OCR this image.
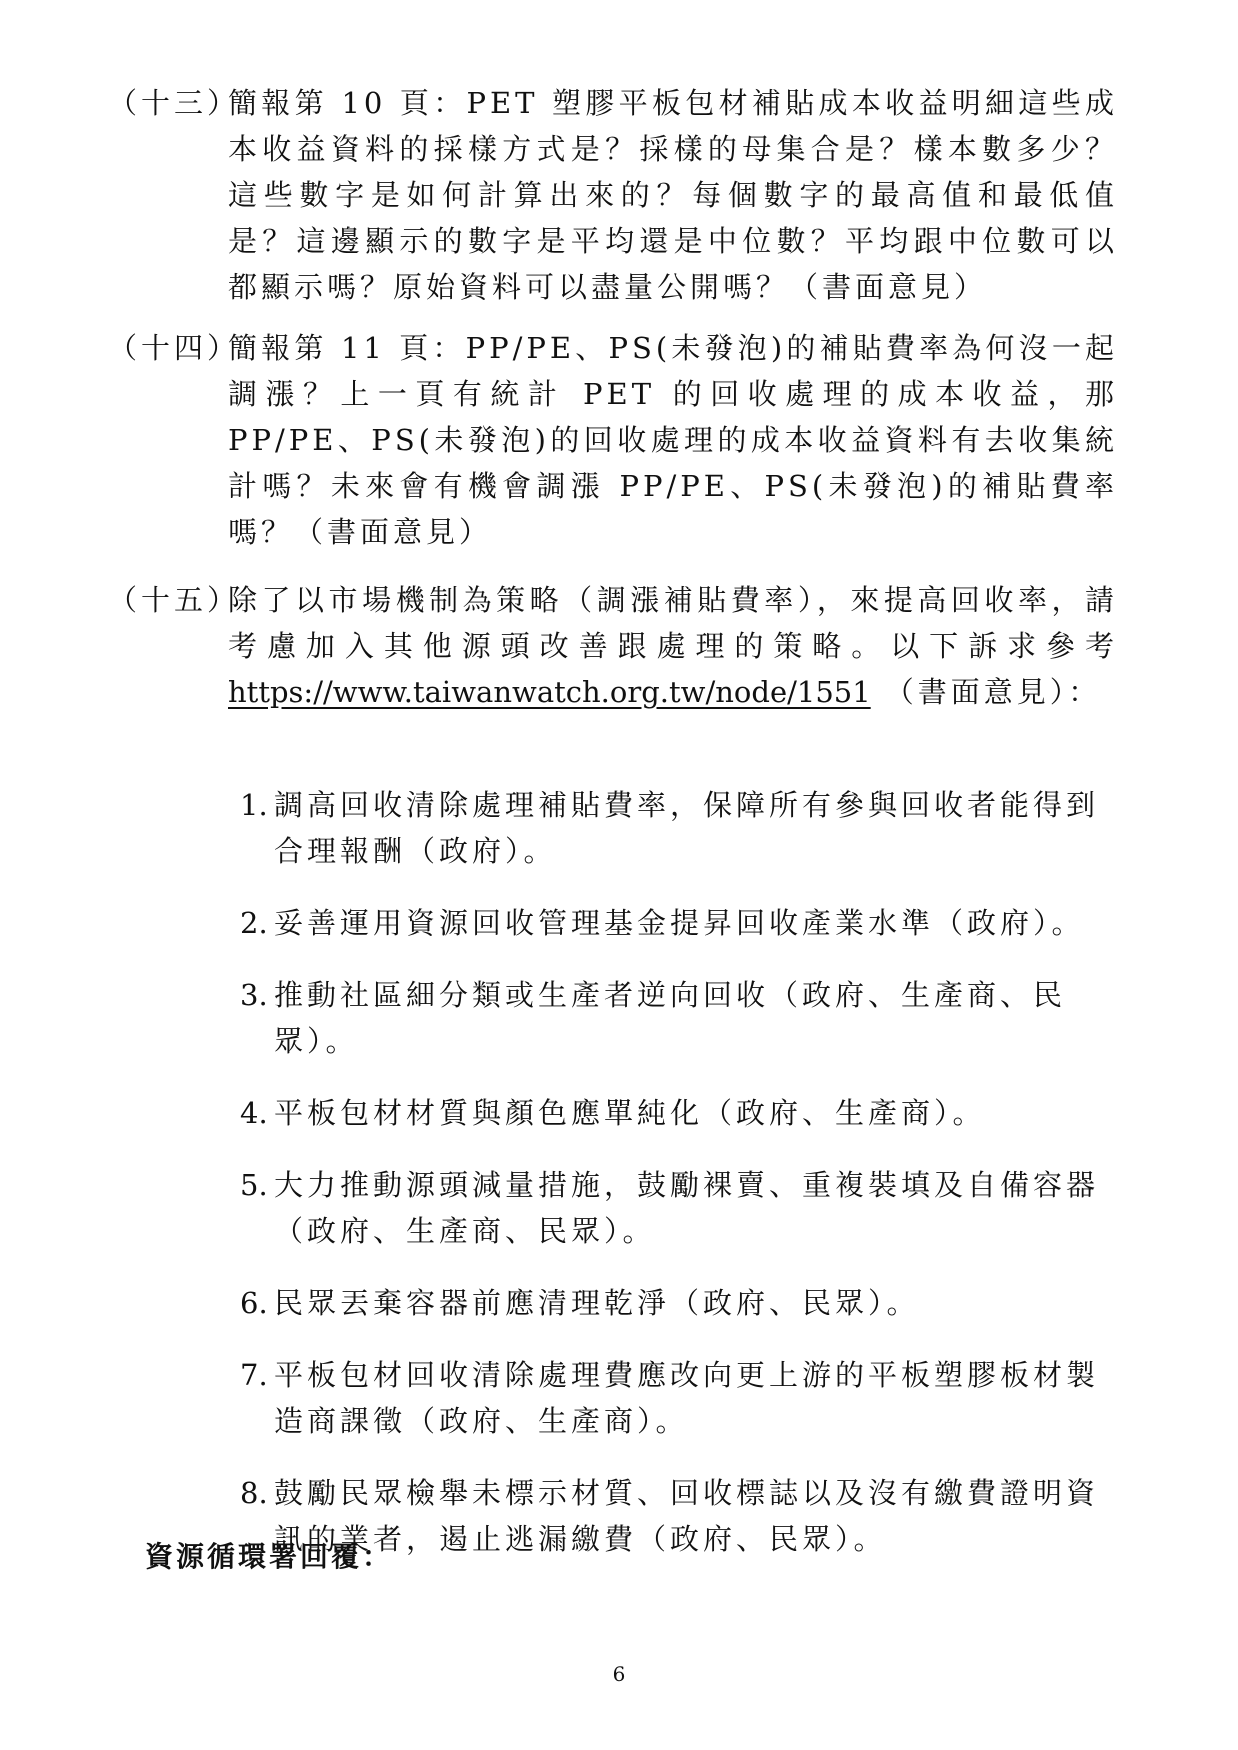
（十三）
簡報第 10 頁：PET 塑膠平板包材補貼成本收益明細這些成本收益資料的採樣方式是？採樣的母集合是？樣本數多少？這些數字是如何計算出來的？每個數字的最高值和最低值是？這邊顯示的數字是平均還是中位數？平均跟中位數可以都顯示嗎？原始資料可以盡量公開嗎？（書面意見）
（十四）
簡報第 11 頁：PP/PE、PS(未發泡)的補貼費率為何沒一起調漲？上一頁有統計 PET 的回收處理的成本收益，那 PP/PE、PS(未發泡)的回收處理的成本收益資料有去收集統計嗎？未來會有機會調漲 PP/PE、PS(未發泡)的補貼費率嗎？（書面意見）
（十五）
除了以市場機制為策略（調漲補貼費率），來提高回收率，請考慮加入其他源頭改善跟處理的策略。以下訴求參考https://www.taiwanwatch.org.tw/node/1551 （書面意見）：
1. 調高回收清除處理補貼費率，保障所有參與回收者能得到合理報酬（政府）。
2. 妥善運用資源回收管理基金提昇回收產業水準（政府）。
3. 推動社區細分類或生產者逆向回收（政府、生產商、民眾）。
4. 平板包材材質與顏色應單純化（政府、生產商）。
5. 大力推動源頭減量措施，鼓勵裸賣、重複裝填及自備容器（政府、生產商、民眾）。
6. 民眾丟棄容器前應清理乾淨（政府、民眾）。
7. 平板包材回收清除處理費應改向更上游的平板塑膠板材製造商課徵（政府、生產商）。
8. 鼓勵民眾檢舉未標示材質、回收標誌以及沒有繳費證明資訊的業者，遏止逃漏繳費（政府、民眾）。
資源循環署回覆：
6
